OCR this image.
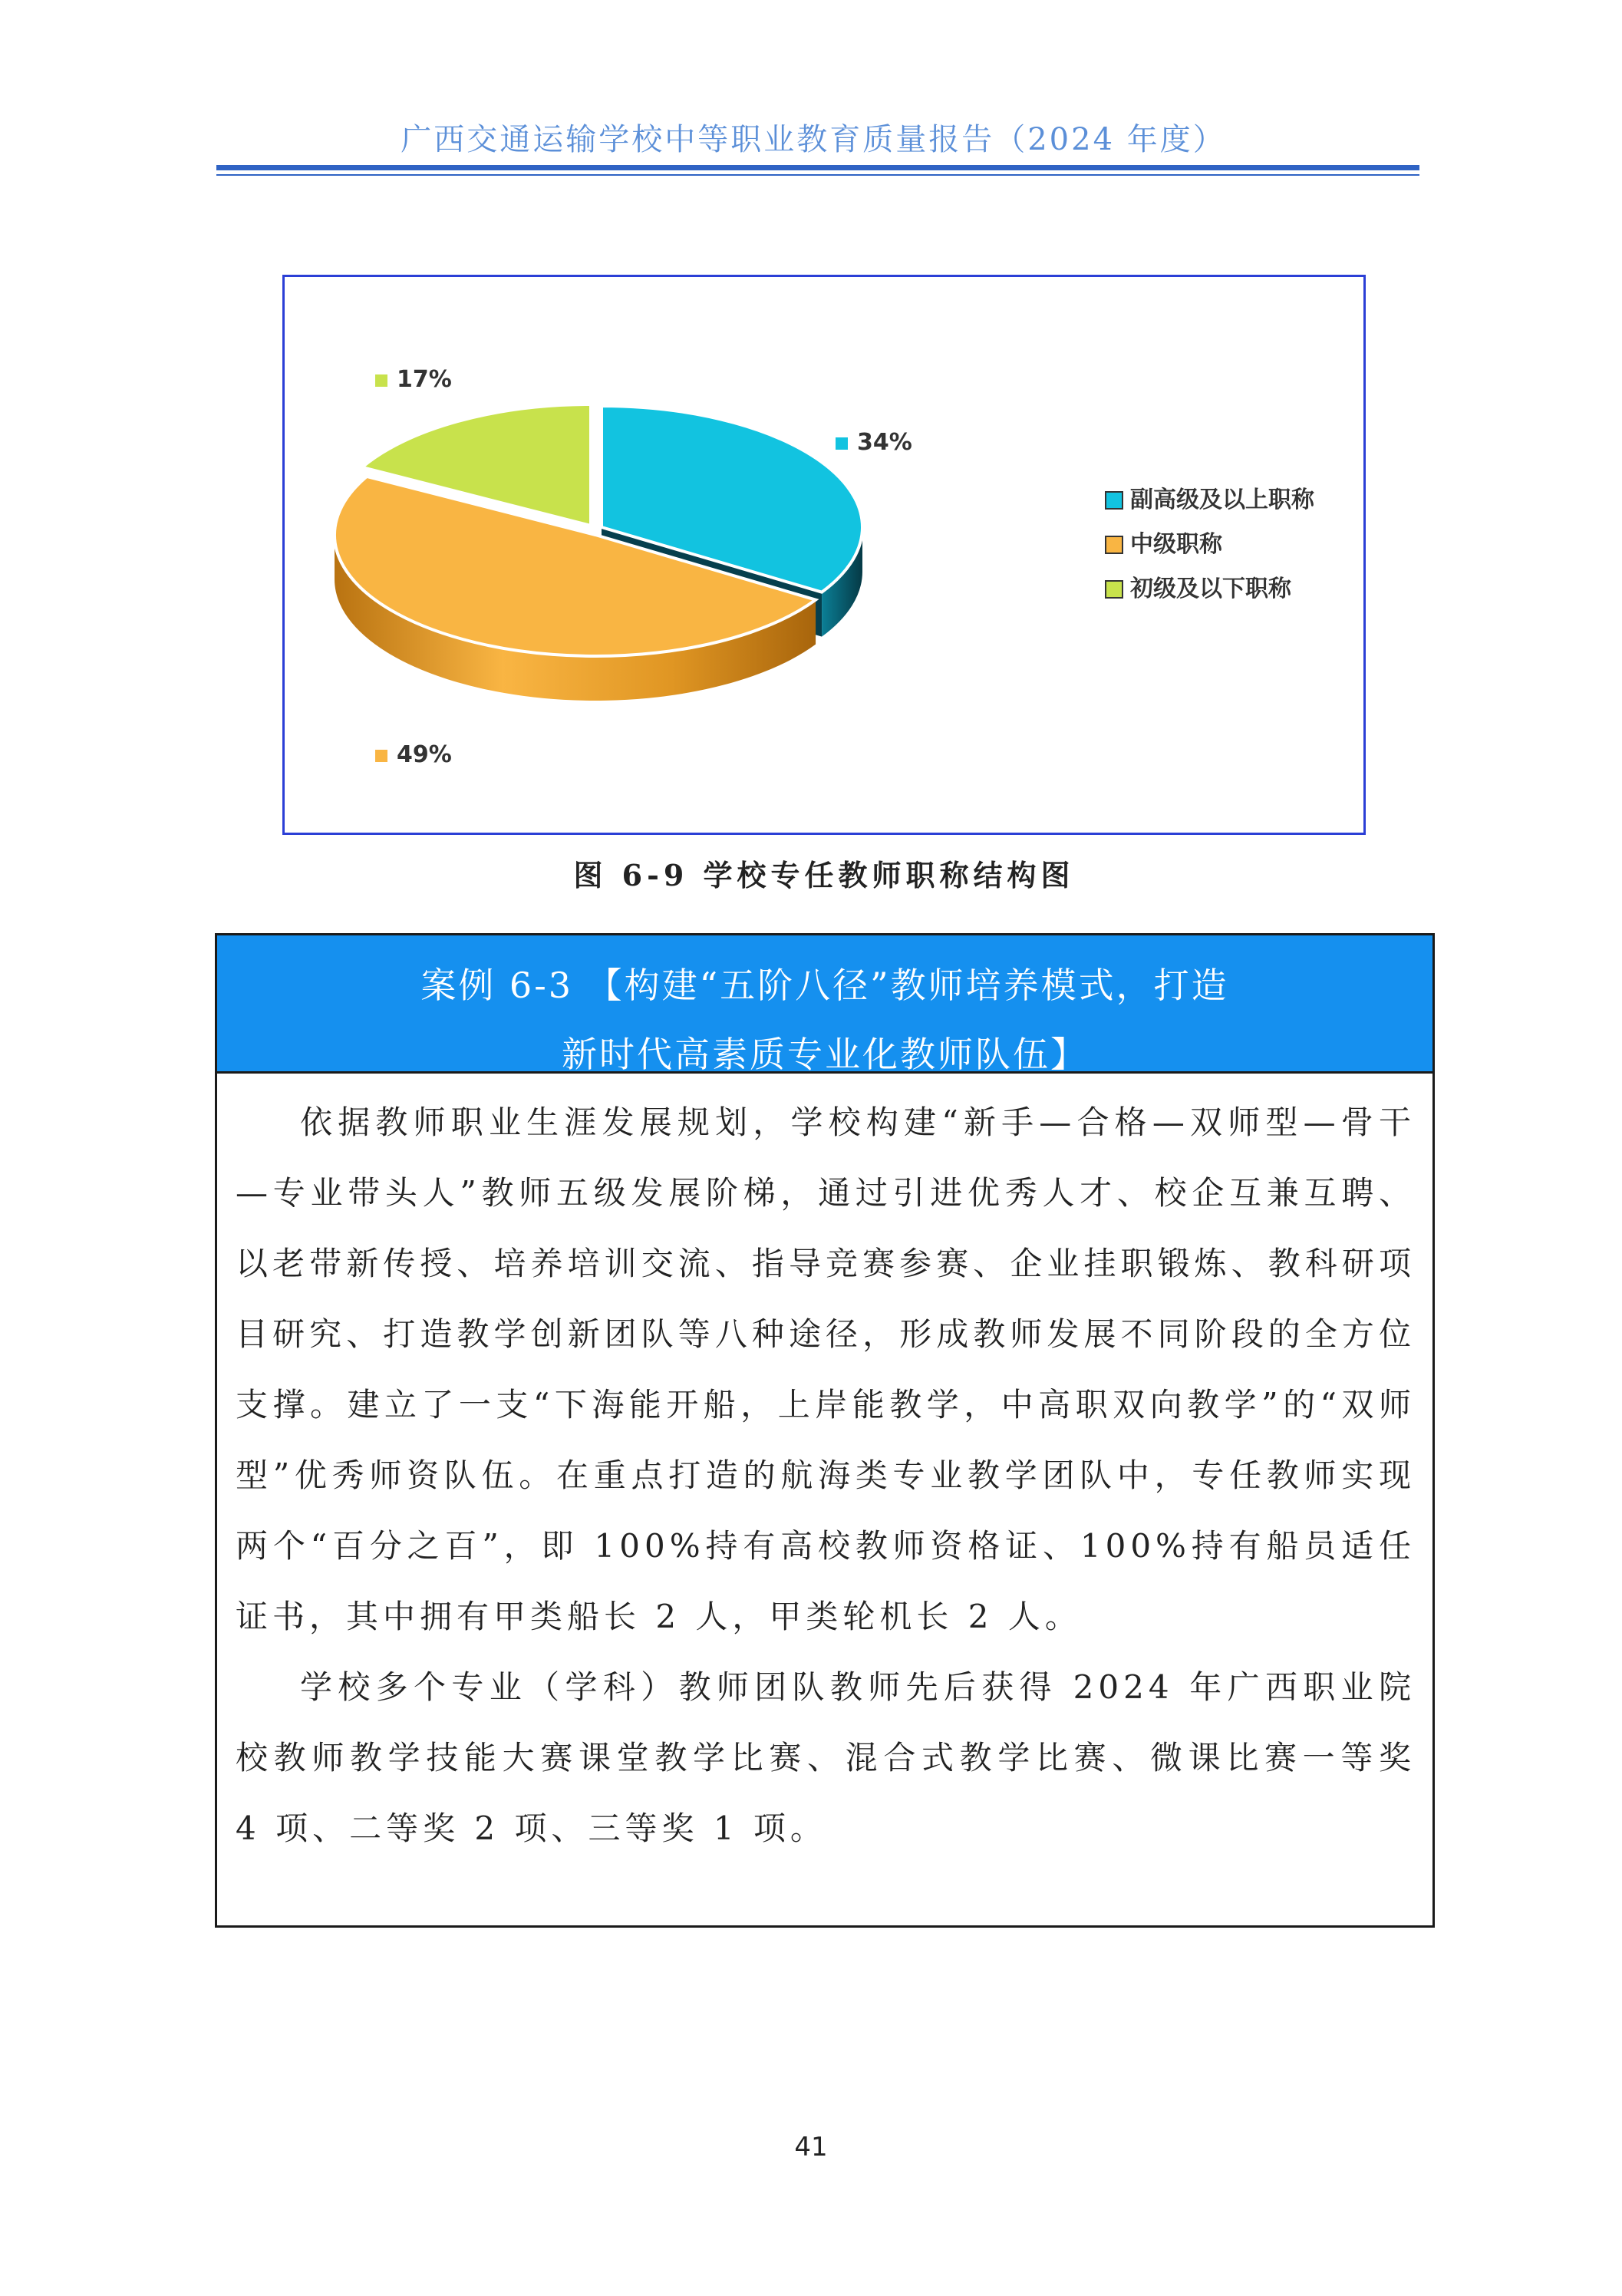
广西交通运输学校中等职业教育质量报告（2024 年度）
34%
49%
17%
副高级及以上职称
中级职称
初级及以下职称
图 6-9 学校专任教师职称结构图
案例 6-3 【构建“五阶八径”教师培养模式，打造
新时代高素质专业化教师队伍】

依据教师职业生涯发展规划，学校构建“新手—合格—双师型—骨干—专业带头人”教师五级发展阶梯，通过引进优秀人才、校企互兼互聘、以老带新传授、培养培训交流、指导竞赛参赛、企业挂职锻炼、教科研项目研究、打造教学创新团队等八种途径，形成教师发展不同阶段的全方位支撑。建立了一支“下海能开船，上岸能教学，中高职双向教学”的“双师型”优秀师资队伍。在重点打造的航海类专业教学团队中，专任教师实现两个“百分之百”，即 100%持有高校教师资格证、100%持有船员适任证书，其中拥有甲类船长 2 人，甲类轮机长 2 人。

学校多个专业（学科）教师团队教师先后获得 2024 年广西职业院校教师教学技能大赛课堂教学比赛、混合式教学比赛、微课比赛一等奖 4 项、二等奖 2 项、三等奖 1 项。

41
